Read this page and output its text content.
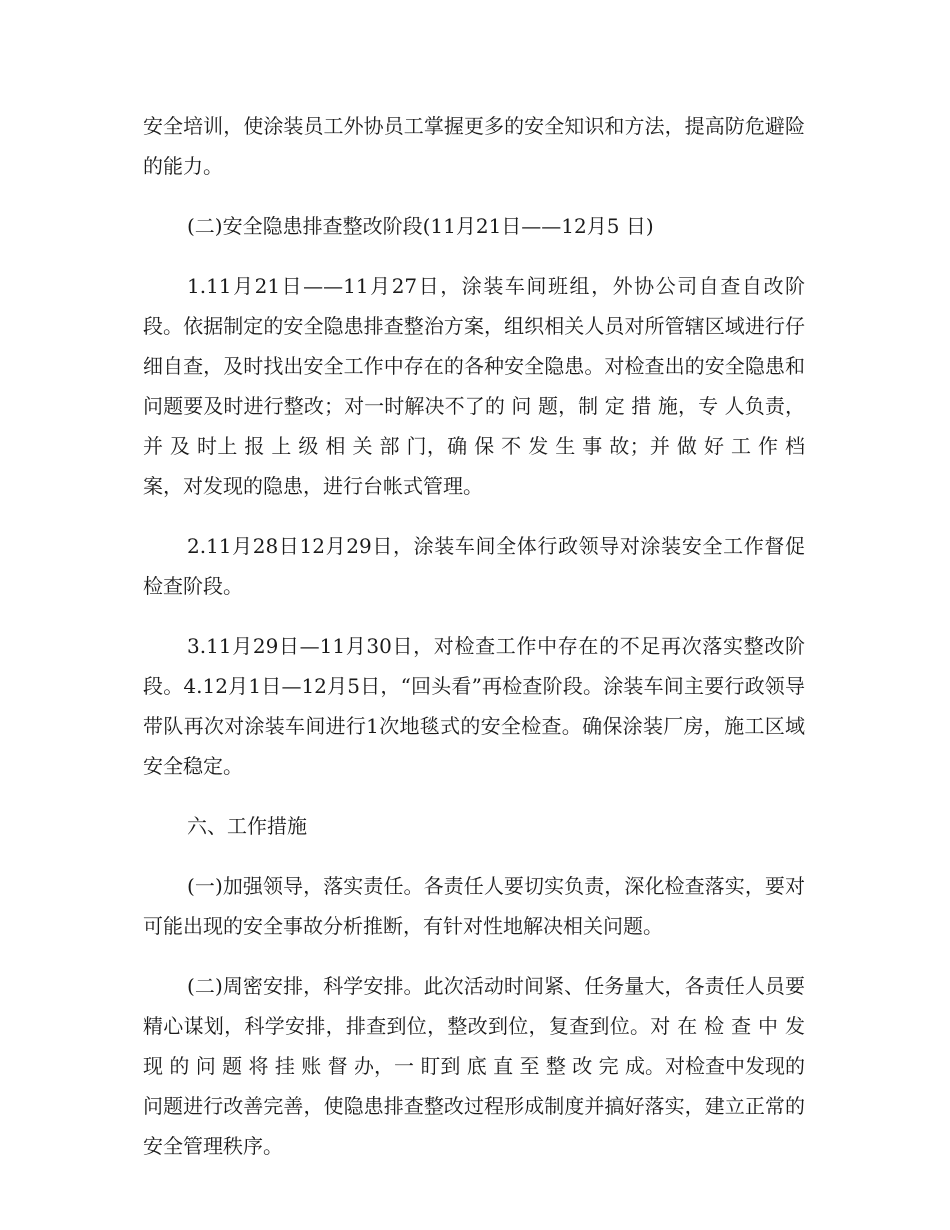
安全培训，使涂装员工外协员工掌握更多的安全知识和方法，提高防危避险的能力。

(二)安全隐患排查整改阶段(11月21日——12月5 日)

1.11月21日——11月27日，涂装车间班组，外协公司自查自改阶段。依据制定的安全隐患排查整治方案，组织相关人员对所管辖区域进行仔细自查，及时找出安全工作中存在的各种安全隐患。对检查出的安全隐患和问题要及时进行整改；对一时解决不了的 问 题，制 定 措 施，专 人负责，并 及 时上 报 上 级 相 关 部 门，确 保 不 发 生 事 故；并 做 好 工 作 档 案，对发现的隐患，进行台帐式管理。

2.11月28日12月29日，涂装车间全体行政领导对涂装安全工作督促检查阶段。

3.11月29日—11月30日，对检查工作中存在的不足再次落实整改阶段。4.12月1日—12月5日，“回头看”再检查阶段。涂装车间主要行政领导带队再次对涂装车间进行1次地毯式的安全检查。确保涂装厂房，施工区域安全稳定。

六、工作措施

(一)加强领导，落实责任。各责任人要切实负责，深化检查落实，要对可能出现的安全事故分析推断，有针对性地解决相关问题。

(二)周密安排，科学安排。此次活动时间紧、任务量大，各责任人员要精心谋划，科学安排，排查到位，整改到位，复查到位。对 在 检 查 中 发 现 的 问 题 将 挂 账 督 办，一 盯到 底 直 至 整 改 完 成。对检查中发现的问题进行改善完善，使隐患排查整改过程形成制度并搞好落实，建立正常的安全管理秩序。
